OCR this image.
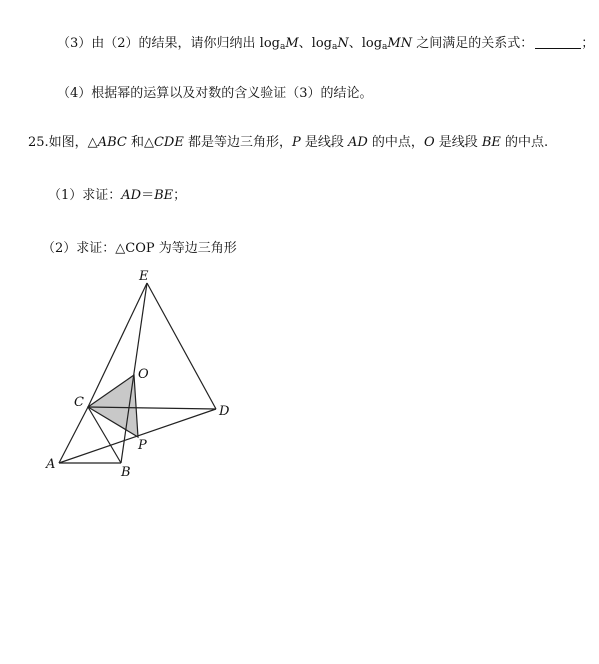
（3）由（2）的结果，请你归纳出 $\log_aM$、$\log_aN$、$\log_aMN$ 之间满足的关系式：	；
（4）根据幂的运算以及对数的含义验证（3）的结论。
25.如图，△ABC 和△CDE 都是等边三角形，P 是线段 AD 的中点，O 是线段 BE 的中点.
（1）求证：AD＝BE；
（2）求证：△COP 为等边三角形
E
O
C
D
P
A
B
